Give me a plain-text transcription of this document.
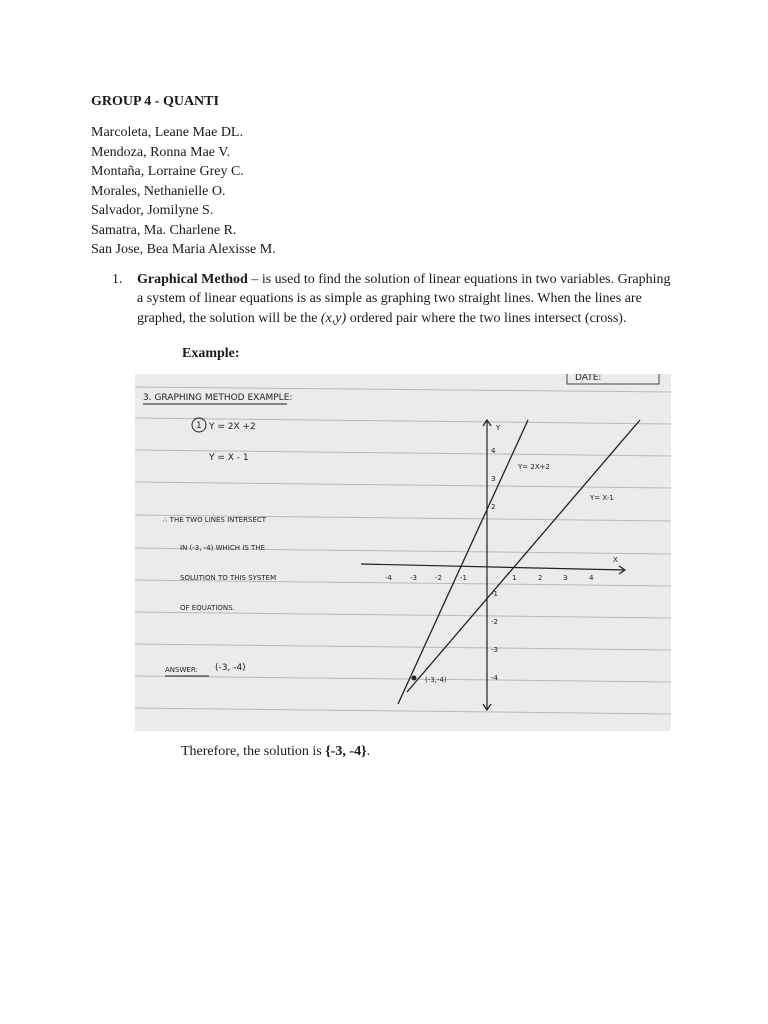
GROUP 4 - QUANTI
Marcoleta, Leane Mae DL.
Mendoza, Ronna Mae V.
Montaña, Lorraine Grey C.
Morales, Nethanielle O.
Salvador, Jomilyne S.
Samatra, Ma. Charlene R.
San Jose, Bea Maria Alexisse M.
1. Graphical Method – is used to find the solution of linear equations in two variables. Graphing a system of linear equations is as simple as graphing two straight lines. When the lines are graphed, the solution will be the (x,y) ordered pair where the two lines intersect (cross).
Example:
DATE:
3. GRAPHING METHOD EXAMPLE:
1 Y = 2X +2
Y = X - 1
∴ THE TWO LINES INTERSECT
IN (-3, -4) WHICH IS THE
SOLUTION TO THIS SYSTEM
OF EQUATIONS.
ANSWER: (-3, -4)
X
Y
-4	-3	-2	-1	1	2	3	4
4
3
2
-1
-2
-3
-4
(-3,-4)
Y= 2X+2
Y= X-1
Therefore, the solution is {-3, -4}.
